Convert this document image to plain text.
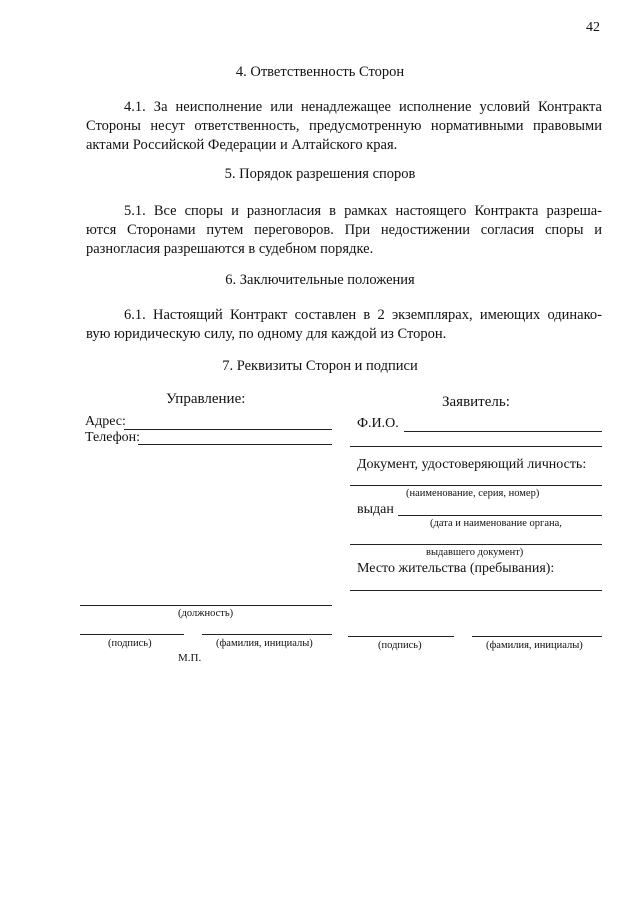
42
4. Ответственность Сторон
4.1. За неисполнение или ненадлежащее исполнение условий Контракта
Стороны несут ответственность, предусмотренную нормативными правовыми
актами Российской Федерации и Алтайского края.
5. Порядок разрешения споров
5.1. Все споры и разногласия в рамках настоящего Контракта разреша-
ются Сторонами путем переговоров. При недостижении согласия споры и
разногласия разрешаются в судебном порядке.
6. Заключительные положения
6.1. Настоящий Контракт составлен в 2 экземплярах, имеющих одинако-
вую юридическую силу, по одному для каждой из Сторон.
7. Реквизиты Сторон и подписи
Управление:
Адрес:
Телефон:
(должность)
(подпись)	(фамилия, инициалы)
М.П.
Заявитель:
Ф.И.О.
Документ, удостоверяющий личность:
(наименование, серия, номер)
выдан
(дата и наименование органа,
выдавшего документ)
Место жительства (пребывания):
(подпись)	(фамилия, инициалы)
